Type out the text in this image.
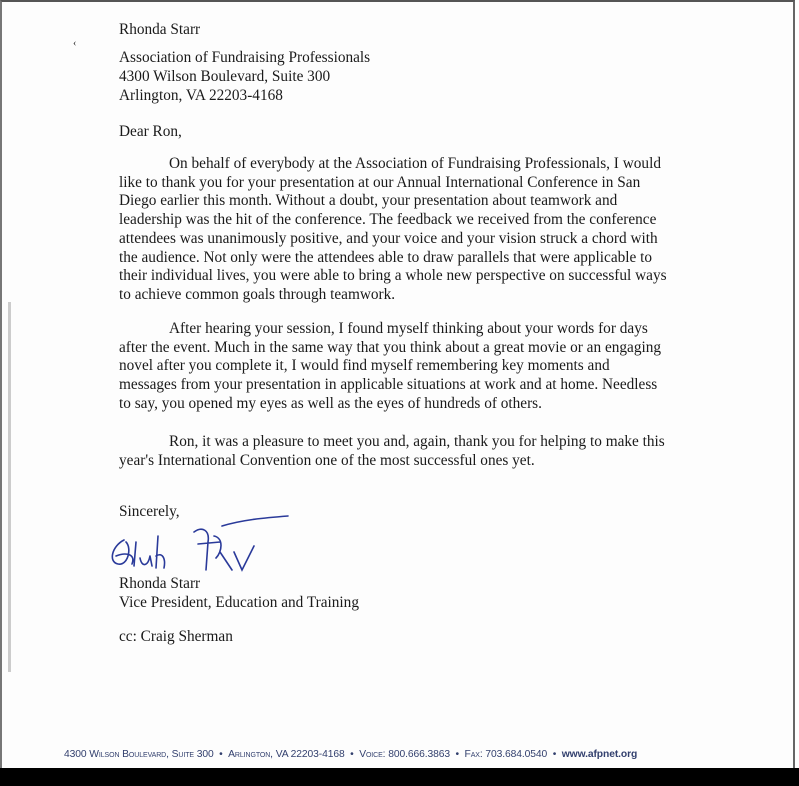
‹
Rhonda Starr
Association of Fundraising Professionals
4300 Wilson Boulevard, Suite 300
Arlington, VA 22203-4168
Dear Ron,
On behalf of everybody at the Association of Fundraising Professionals, I would
like to thank you for your presentation at our Annual International Conference in San
Diego earlier this month. Without a doubt, your presentation about teamwork and
leadership was the hit of the conference. The feedback we received from the conference
attendees was unanimously positive, and your voice and your vision struck a chord with
the audience. Not only were the attendees able to draw parallels that were applicable to
their individual lives, you were able to bring a whole new perspective on successful ways
to achieve common goals through teamwork.
After hearing your session, I found myself thinking about your words for days
after the event. Much in the same way that you think about a great movie or an engaging
novel after you complete it, I would find myself remembering key moments and
messages from your presentation in applicable situations at work and at home. Needless
to say, you opened my eyes as well as the eyes of hundreds of others.
Ron, it was a pleasure to meet you and, again, thank you for helping to make this
year's International Convention one of the most successful ones yet.
Sincerely,
Rhonda Starr
Vice President, Education and Training
cc: Craig Sherman
4300 Wilson Boulevard, Suite 300  •  Arlington, VA 22203-4168  •  Voice: 800.666.3863  •  Fax: 703.684.0540  •  www.afpnet.org
